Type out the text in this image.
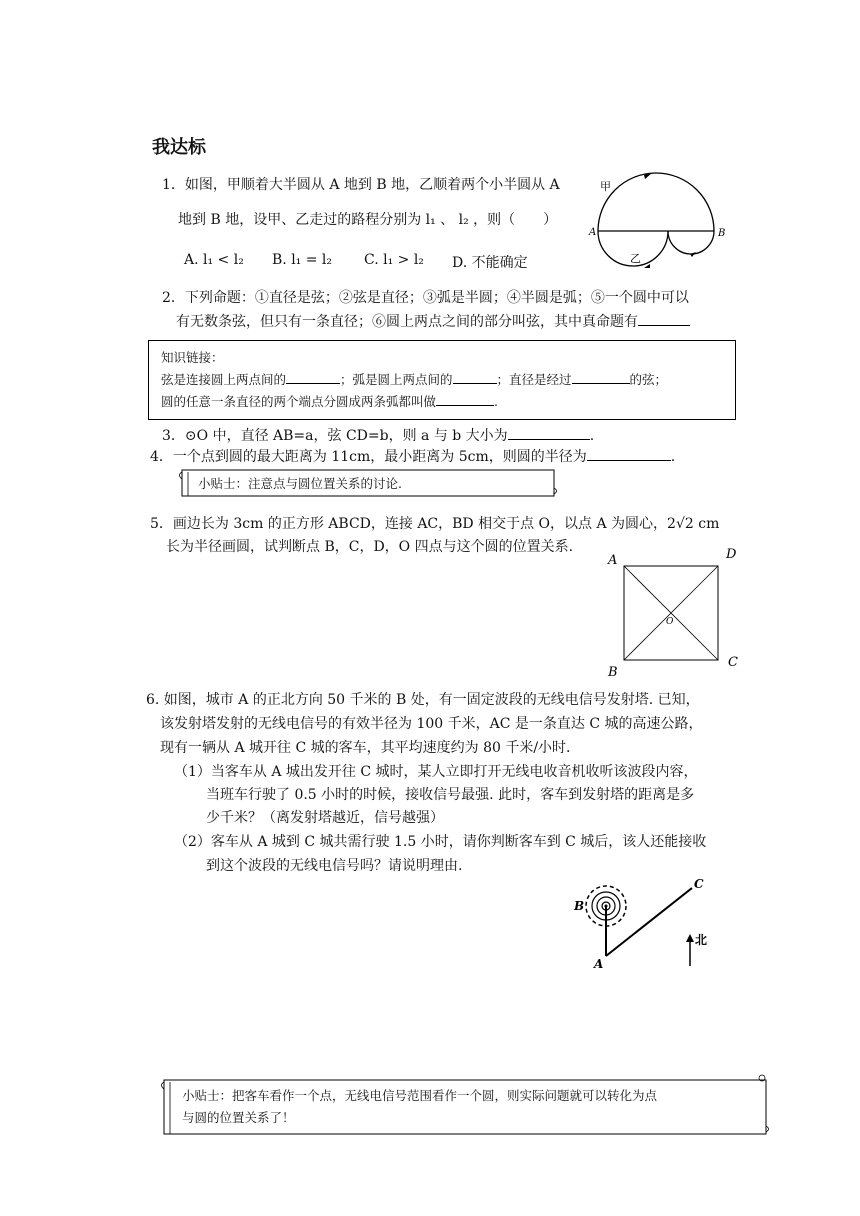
我达标
1．如图，甲顺着大半圆从 A 地到 B 地，乙顺着两个小半圆从 A
地到 B 地，设甲、乙走过的路程分别为 l₁ 、 l₂ ，则（　　）
A. l₁ < l₂ B. l₁ = l₂ C. l₁ > l₂ D. 不能确定
甲
乙
A	B
2．下列命题：①直径是弦；②弦是直径；③弧是半圆；④半圆是弧；⑤一个圆中可以
有无数条弦，但只有一条直径；⑥圆上两点之间的部分叫弦，其中真命题有
知识链接：
弦是连接圆上两点间的	；弧是圆上两点间的	；直径是经过	的弦；
圆的任意一条直径的两个端点分圆成两条弧都叫做	.
3．⊙O 中，直径 AB=a，弦 CD=b，则 a 与 b 大小为	.
4．一个点到圆的最大距离为 11cm，最小距离为 5cm，则圆的半径为	.
小贴士：注意点与圆位置关系的讨论.
5．画边长为 3cm 的正方形 ABCD，连接 AC，BD 相交于点 O，以点 A 为圆心，2√2 cm
长为半径画圆，试判断点 B，C，D，O 四点与这个圆的位置关系.
A	D
B
C
O
6. 如图，城市 A 的正北方向 50 千米的 B 处，有一固定波段的无线电信号发射塔. 已知，
该发射塔发射的无线电信号的有效半径为 100 千米，AC 是一条直达 C 城的高速公路，
现有一辆从 A 城开往 C 城的客车，其平均速度约为 80 千米/小时.
（1）当客车从 A 城出发开往 C 城时，某人立即打开无线电收音机收听该波段内容，
当班车行驶了 0.5 小时的时候，接收信号最强. 此时，客车到发射塔的距离是多
少千米？（离发射塔越近，信号越强）
（2）客车从 A 城到 C 城共需行驶 1.5 小时，请你判断客车到 C 城后，该人还能接收
到这个波段的无线电信号吗？请说明理由.
B
A
C
北
小贴士：把客车看作一个点，无线电信号范围看作一个圆，则实际问题就可以转化为点
与圆的位置关系了！
